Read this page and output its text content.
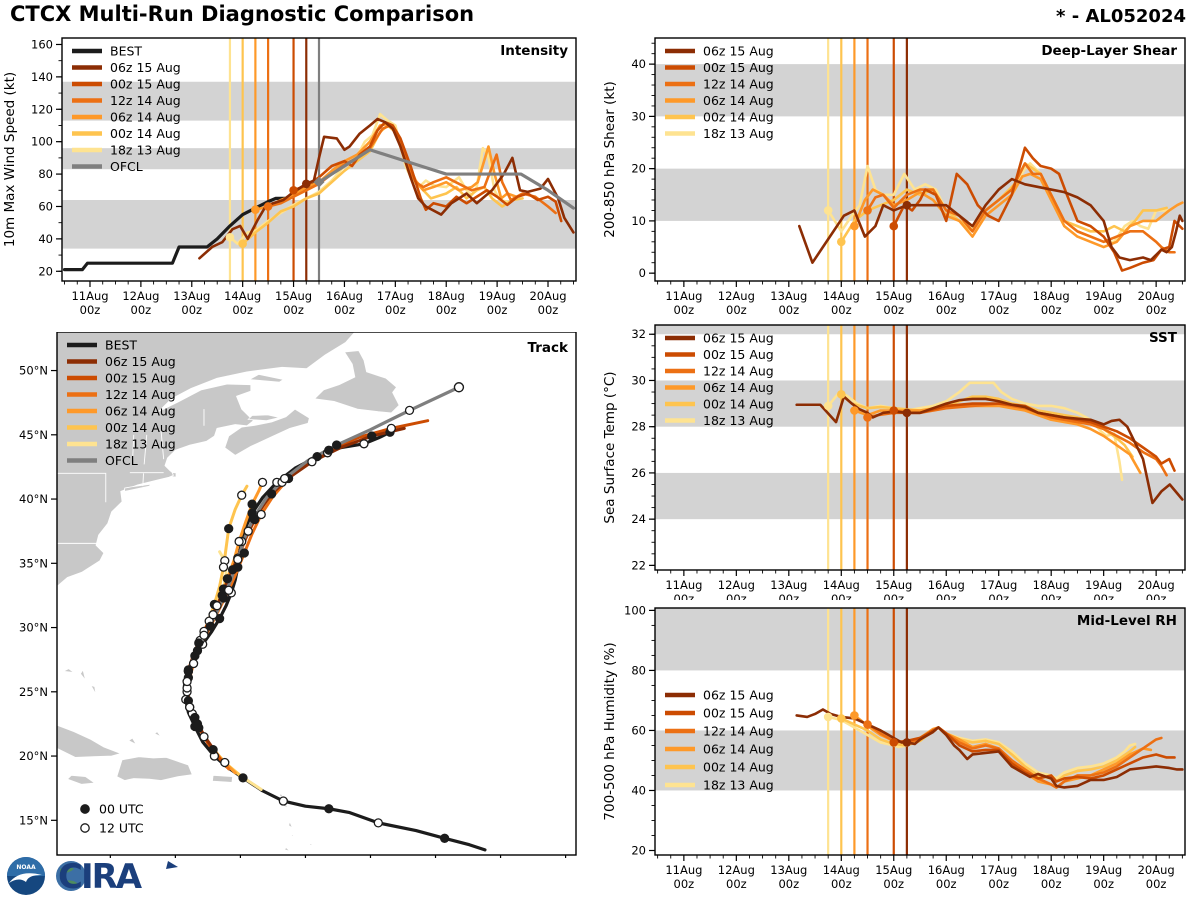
CTCX Multi-Run Diagnostic Comparison	* - AL052024
11Aug
00z
12Aug
00z
13Aug
00z
14Aug
00z
15Aug
00z
16Aug
00z
17Aug
00z
18Aug
00z
19Aug
00z
20Aug
00z
20
40
60
80
100
120
140
160
10m Max Wind Speed (kt)
Intensity
BEST
06z 15 Aug
00z 15 Aug
12z 14 Aug
06z 14 Aug
00z 14 Aug
18z 13 Aug
OFCL
11Aug
00z
12Aug
00z
13Aug
00z
14Aug
00z
15Aug
00z
16Aug
00z
17Aug
00z
18Aug
00z
19Aug
00z
20Aug
00z
0
10
20
30
40
200-850 hPa Shear (kt)
Deep-Layer Shear
06z 15 Aug
00z 15 Aug
12z 14 Aug
06z 14 Aug
00z 14 Aug
18z 13 Aug
15°N
20°N
25°N
30°N
35°N
40°N
45°N
50°N
Track
BEST
06z 15 Aug
00z 15 Aug
12z 14 Aug
06z 14 Aug
00z 14 Aug
18z 13 Aug
OFCL
00 UTC
12 UTC
11Aug
00z
12Aug
00z
13Aug
00z
14Aug
00z
15Aug
00z
16Aug
00z
17Aug
00z
18Aug
00z
19Aug
00z
20Aug
00z
22
24
26
28
30
32
Sea Surface Temp (°C)
SST
06z 15 Aug
00z 15 Aug
12z 14 Aug
06z 14 Aug
00z 14 Aug
18z 13 Aug
11Aug
00z
12Aug
00z
13Aug
00z
14Aug
00z
15Aug
00z
16Aug
00z
17Aug
00z
18Aug
00z
19Aug
00z
20Aug
00z
20
40
60
80
100
700-500 hPa Humidity (%)
Mid-Level RH
06z 15 Aug
00z 15 Aug
12z 14 Aug
06z 14 Aug
00z 14 Aug
18z 13 Aug
NOAA CIRA
